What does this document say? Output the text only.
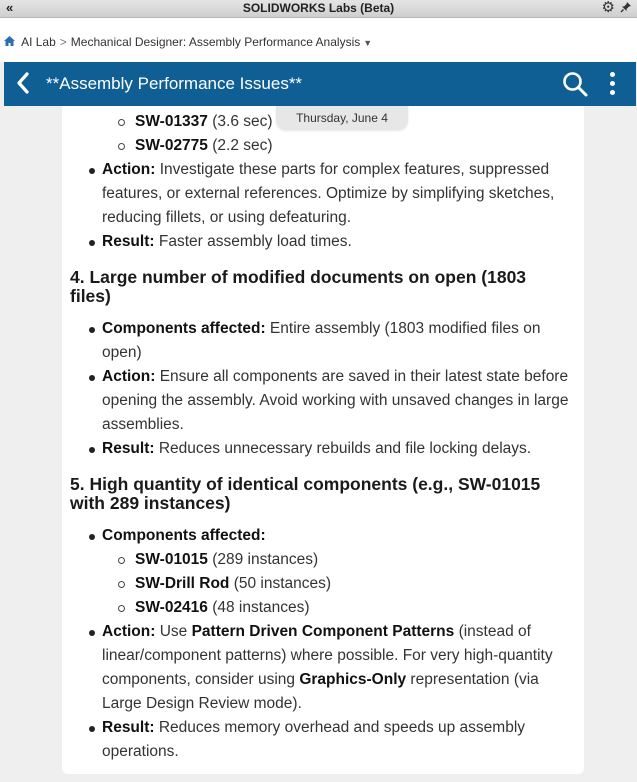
«	SOLIDWORKS Labs (Beta)	⚙
AI Lab > Mechanical Designer: Assembly Performance Analysis ▼
**Assembly Performance Issues**
SW-01337 (3.6 sec)
SW-02775 (2.2 sec)
Action: Investigate these parts for complex features, suppressed features, or external references. Optimize by simplifying sketches, reducing fillets, or using defeaturing.
Result: Faster assembly load times.
4. Large number of modified documents on open (1803 files)
Components affected: Entire assembly (1803 modified files on open)
Action: Ensure all components are saved in their latest state before opening the assembly. Avoid working with unsaved changes in large assemblies.
Result: Reduces unnecessary rebuilds and file locking delays.
5. High quantity of identical components (e.g., SW-01015 with 289 instances)
Components affected:
SW-01015 (289 instances)
SW-Drill Rod (50 instances)
SW-02416 (48 instances)
Action: Use Pattern Driven Component Patterns (instead of linear/component patterns) where possible. For very high-quantity components, consider using Graphics-Only representation (via Large Design Review mode).
Result: Reduces memory overhead and speeds up assembly operations.
Thursday, June 4
